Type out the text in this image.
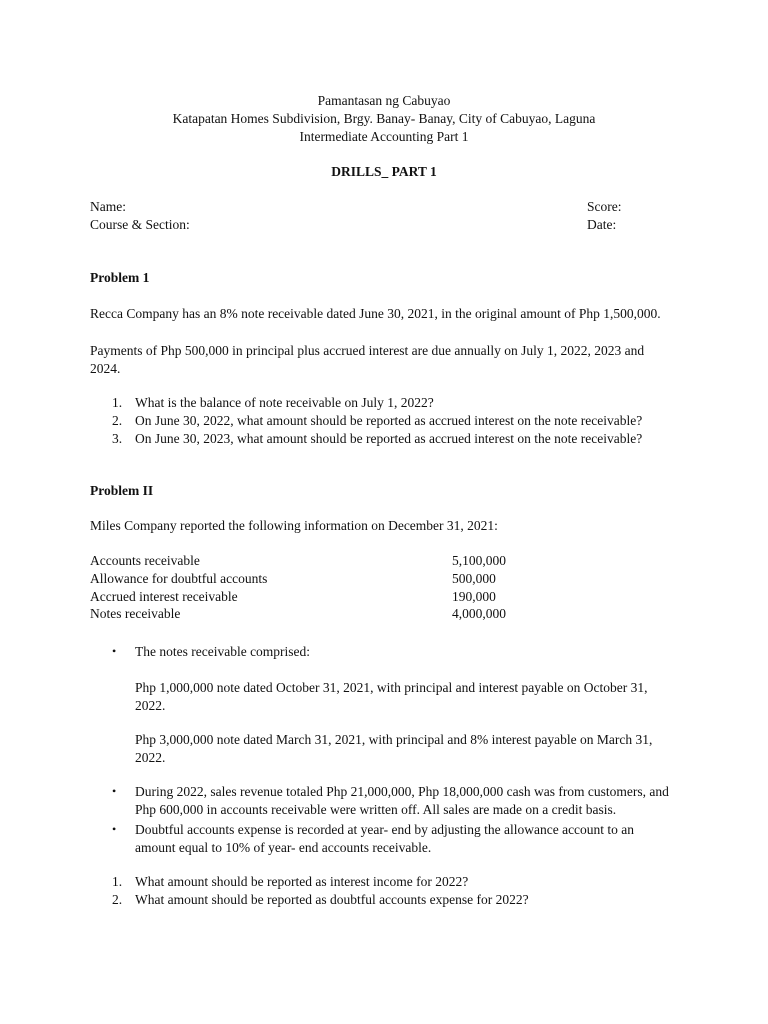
Pamantasan ng Cabuyao
Katapatan Homes Subdivision, Brgy. Banay- Banay, City of Cabuyao, Laguna
Intermediate Accounting Part 1
DRILLS_ PART 1
Name:	Score:
Course & Section:	Date:
Problem 1
Recca Company has an 8% note receivable dated June 30, 2021, in the original amount of Php 1,500,000.
Payments of Php 500,000 in principal plus accrued interest are due annually on July 1, 2022, 2023 and 2024.
1. What is the balance of note receivable on July 1, 2022?
2. On June 30, 2022, what amount should be reported as accrued interest on the note receivable?
3. On June 30, 2023, what amount should be reported as accrued interest on the note receivable?
Problem II
Miles Company reported the following information on December 31, 2021:
Accounts receivable	5,100,000
Allowance for doubtful accounts	500,000
Accrued interest receivable	190,000
Notes receivable	4,000,000
• The notes receivable comprised:
Php 1,000,000 note dated October 31, 2021, with principal and interest payable on October 31, 2022.
Php 3,000,000 note dated March 31, 2021, with principal and 8% interest payable on March 31, 2022.
• During 2022, sales revenue totaled Php 21,000,000, Php 18,000,000 cash was from customers, and Php 600,000 in accounts receivable were written off. All sales are made on a credit basis.
• Doubtful accounts expense is recorded at year- end by adjusting the allowance account to an amount equal to 10% of year- end accounts receivable.
1. What amount should be reported as interest income for 2022?
2. What amount should be reported as doubtful accounts expense for 2022?
